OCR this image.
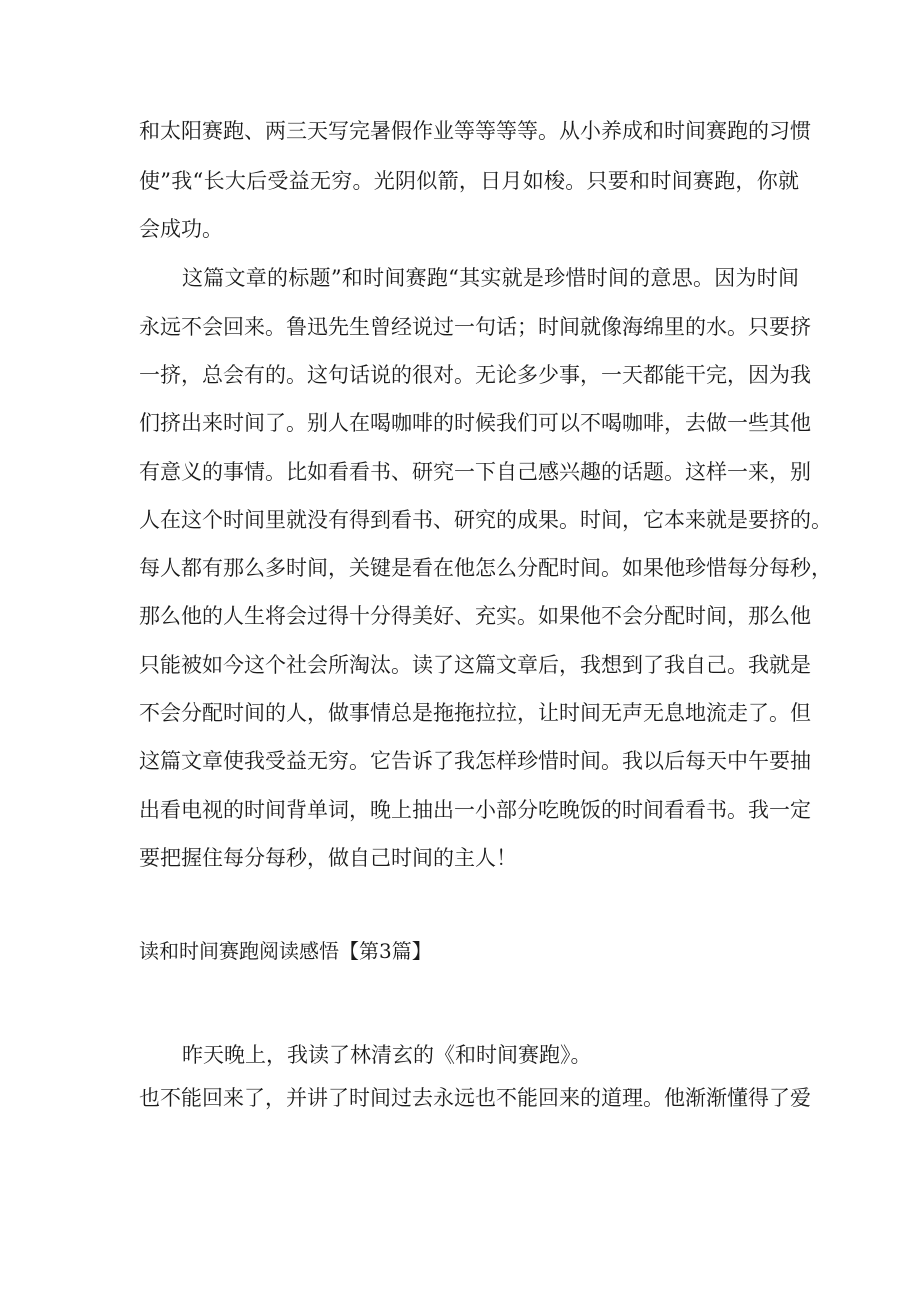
和太阳赛跑、两三天写完暑假作业等等等等。从小养成和时间赛跑的习惯

使”我“长大后受益无穷。光阴似箭，日月如梭。只要和时间赛跑，你就

会成功。

这篇文章的标题”和时间赛跑“其实就是珍惜时间的意思。因为时间

永远不会回来。鲁迅先生曾经说过一句话；时间就像海绵里的水。只要挤

一挤，总会有的。这句话说的很对。无论多少事，一天都能干完，因为我

们挤出来时间了。别人在喝咖啡的时候我们可以不喝咖啡，去做一些其他

有意义的事情。比如看看书、研究一下自己感兴趣的话题。这样一来，别

人在这个时间里就没有得到看书、研究的成果。时间，它本来就是要挤的。

每人都有那么多时间，关键是看在他怎么分配时间。如果他珍惜每分每秒，

那么他的人生将会过得十分得美好、充实。如果他不会分配时间，那么他

只能被如今这个社会所淘汰。读了这篇文章后，我想到了我自己。我就是

不会分配时间的人，做事情总是拖拖拉拉，让时间无声无息地流走了。但

这篇文章使我受益无穷。它告诉了我怎样珍惜时间。我以后每天中午要抽

出看电视的时间背单词，晚上抽出一小部分吃晚饭的时间看看书。我一定

要把握住每分每秒，做自己时间的主人！

读和时间赛跑阅读感悟【第3篇】

昨天晚上，我读了林清玄的《和时间赛跑》。

也不能回来了，并讲了时间过去永远也不能回来的道理。他渐渐懂得了爱
